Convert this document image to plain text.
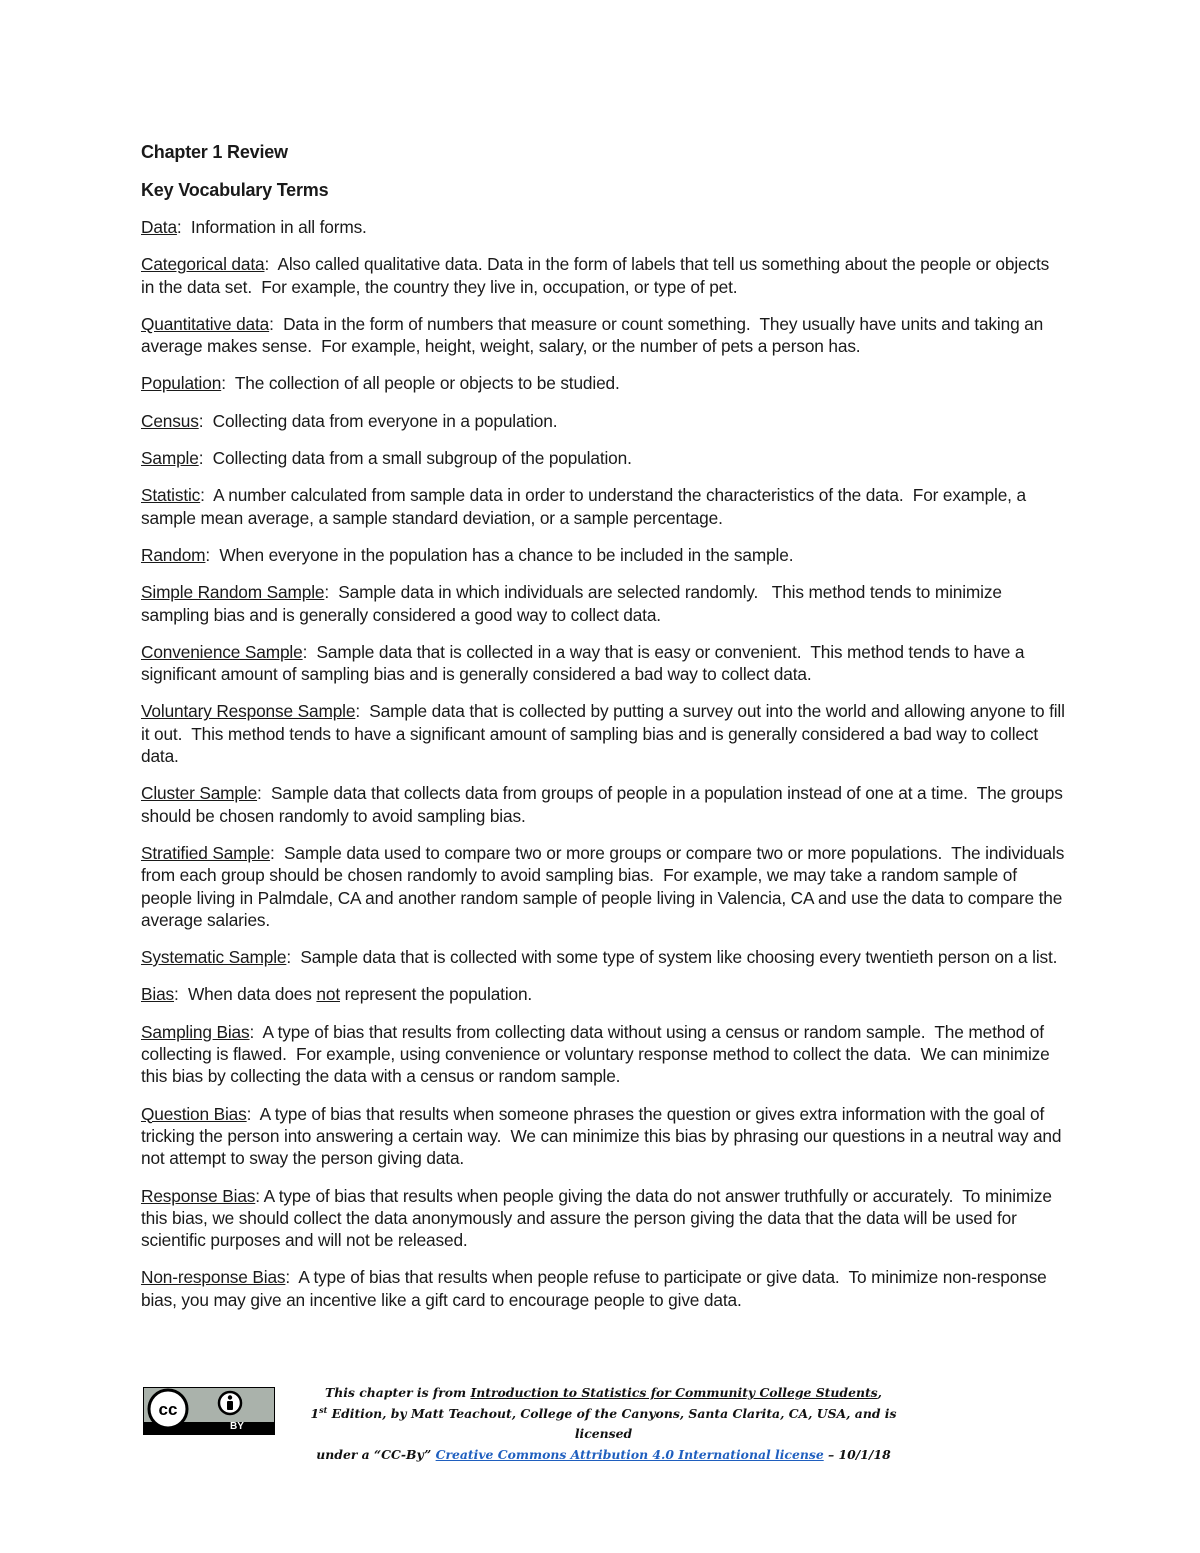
Chapter 1 Review
Key Vocabulary Terms

Data:  Information in all forms.

Categorical data:  Also called qualitative data. Data in the form of labels that tell us something about the people or objects in the data set.  For example, the country they live in, occupation, or type of pet.

Quantitative data:  Data in the form of numbers that measure or count something.  They usually have units and taking an average makes sense.  For example, height, weight, salary, or the number of pets a person has.

Population:  The collection of all people or objects to be studied.

Census:  Collecting data from everyone in a population.

Sample:  Collecting data from a small subgroup of the population.

Statistic:  A number calculated from sample data in order to understand the characteristics of the data.  For example, a sample mean average, a sample standard deviation, or a sample percentage.

Random:  When everyone in the population has a chance to be included in the sample.

Simple Random Sample:  Sample data in which individuals are selected randomly.   This method tends to minimize sampling bias and is generally considered a good way to collect data.

Convenience Sample:  Sample data that is collected in a way that is easy or convenient.  This method tends to have a significant amount of sampling bias and is generally considered a bad way to collect data.

Voluntary Response Sample:  Sample data that is collected by putting a survey out into the world and allowing anyone to fill it out.  This method tends to have a significant amount of sampling bias and is generally considered a bad way to collect data.

Cluster Sample:  Sample data that collects data from groups of people in a population instead of one at a time.  The groups should be chosen randomly to avoid sampling bias.

Stratified Sample:  Sample data used to compare two or more groups or compare two or more populations.  The individuals from each group should be chosen randomly to avoid sampling bias.  For example, we may take a random sample of people living in Palmdale, CA and another random sample of people living in Valencia, CA and use the data to compare the average salaries.

Systematic Sample:  Sample data that is collected with some type of system like choosing every twentieth person on a list.

Bias:  When data does not represent the population.

Sampling Bias:  A type of bias that results from collecting data without using a census or random sample.  The method of collecting is flawed.  For example, using convenience or voluntary response method to collect the data.  We can minimize this bias by collecting the data with a census or random sample.

Question Bias:  A type of bias that results when someone phrases the question or gives extra information with the goal of tricking the person into answering a certain way.  We can minimize this bias by phrasing our questions in a neutral way and not attempt to sway the person giving data.

Response Bias: A type of bias that results when people giving the data do not answer truthfully or accurately.  To minimize this bias, we should collect the data anonymously and assure the person giving the data that the data will be used for scientific purposes and will not be released.

Non-response Bias:  A type of bias that results when people refuse to participate or give data.  To minimize non-response bias, you may give an incentive like a gift card to encourage people to give data.

cc
BY
This chapter is from Introduction to Statistics for Community College Students,
1st Edition, by Matt Teachout, College of the Canyons, Santa Clarita, CA, USA, and is licensed
under a “CC-By” Creative Commons Attribution 4.0 International license – 10/1/18
